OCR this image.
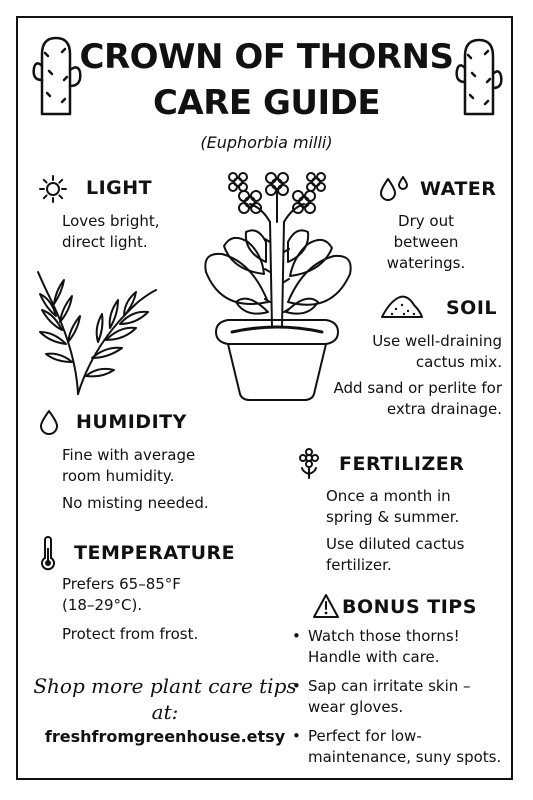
CROWN OF THORNS
CARE GUIDE
(Euphorbia milli)
LIGHT
Loves bright, direct light.
WATER
Dry out between waterings.
SOIL
Use well-draining cactus mix.
Add sand or perlite for extra drainage.
HUMIDITY
Fine with average room humidity.
No misting needed.
FERTILIZER
Once a month in spring & summer.
Use diluted cactus fertilizer.
TEMPERATURE
Prefers 65–85°F (18–29°C).
Protect from frost.
BONUS TIPS
• Watch those thorns! Handle with care.
• Sap can irritate skin – wear gloves.
• Perfect for low-maintenance, suny spots.
Shop more plant care tips at:
freshfromgreenhouse.etsy
